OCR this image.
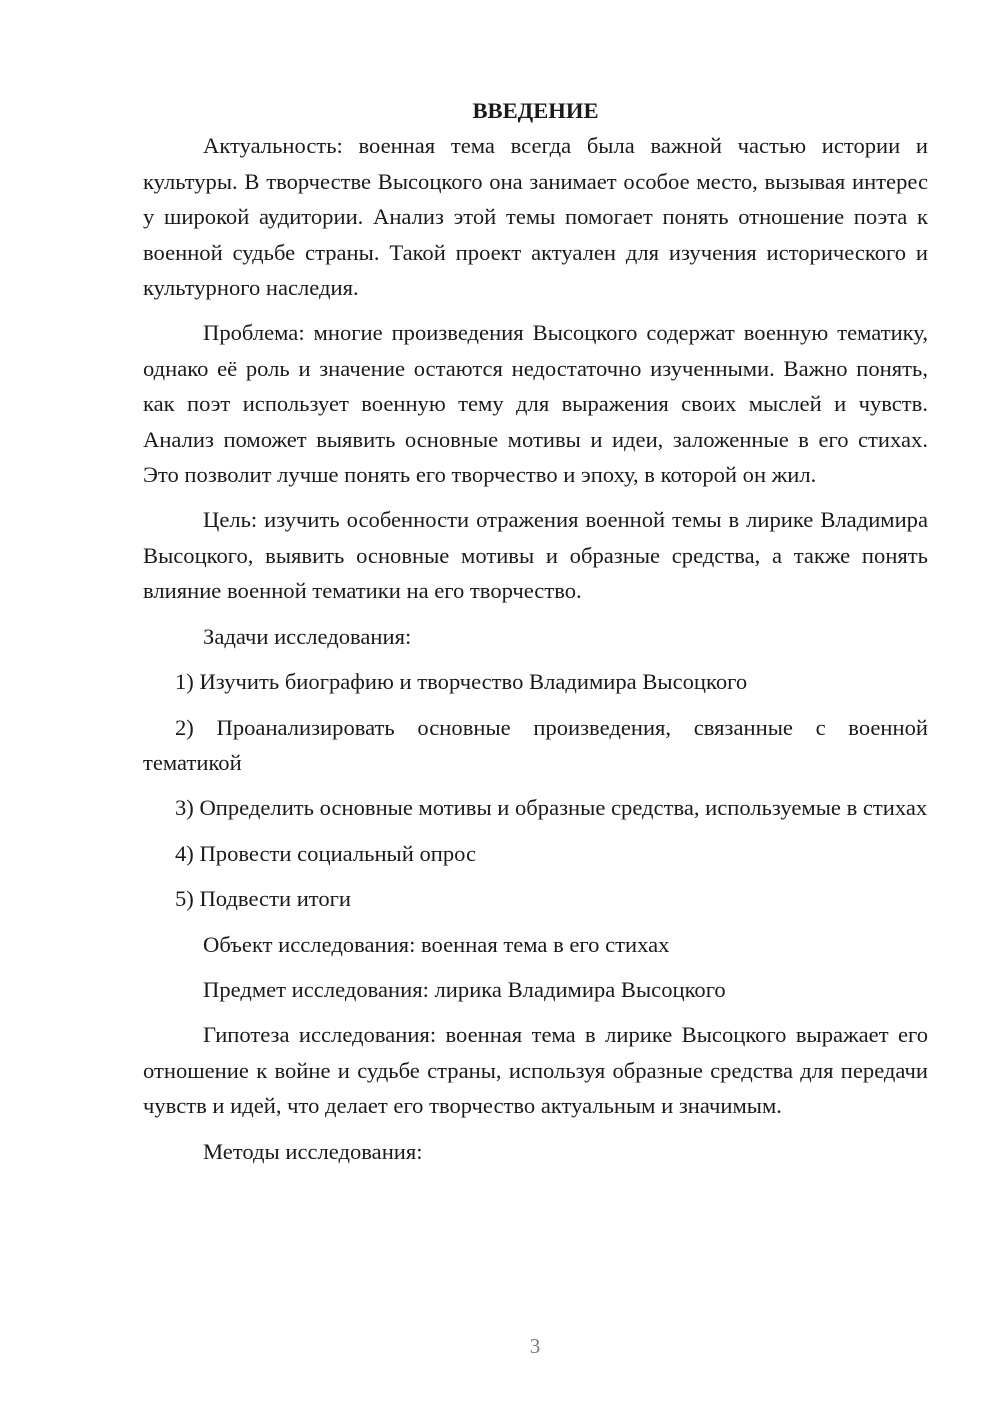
ВВЕДЕНИЕ

Актуальность: военная тема всегда была важной частью истории и культуры. В творчестве Высоцкого она занимает особое место, вызывая интерес у широкой аудитории. Анализ этой темы помогает понять отношение поэта к военной судьбе страны. Такой проект актуален для изучения исторического и культурного наследия.

Проблема: многие произведения Высоцкого содержат военную тематику, однако её роль и значение остаются недостаточно изученными. Важно понять, как поэт использует военную тему для выражения своих мыслей и чувств. Анализ поможет выявить основные мотивы и идеи, заложенные в его стихах. Это позволит лучше понять его творчество и эпоху, в которой он жил.

Цель: изучить особенности отражения военной темы в лирике Владимира Высоцкого, выявить основные мотивы и образные средства, а также понять влияние военной тематики на его творчество.

Задачи исследования:

1) Изучить биографию и творчество Владимира Высоцкого

2) Проанализировать основные произведения, связанные с военной тематикой

3) Определить основные мотивы и образные средства, используемые в стихах

4) Провести социальный опрос

5) Подвести итоги

Объект исследования: военная тема в его стихах

Предмет исследования: лирика Владимира Высоцкого

Гипотеза исследования: военная тема в лирике Высоцкого выражает его отношение к войне и судьбе страны, используя образные средства для передачи чувств и идей, что делает его творчество актуальным и значимым.

Методы исследования:

3
